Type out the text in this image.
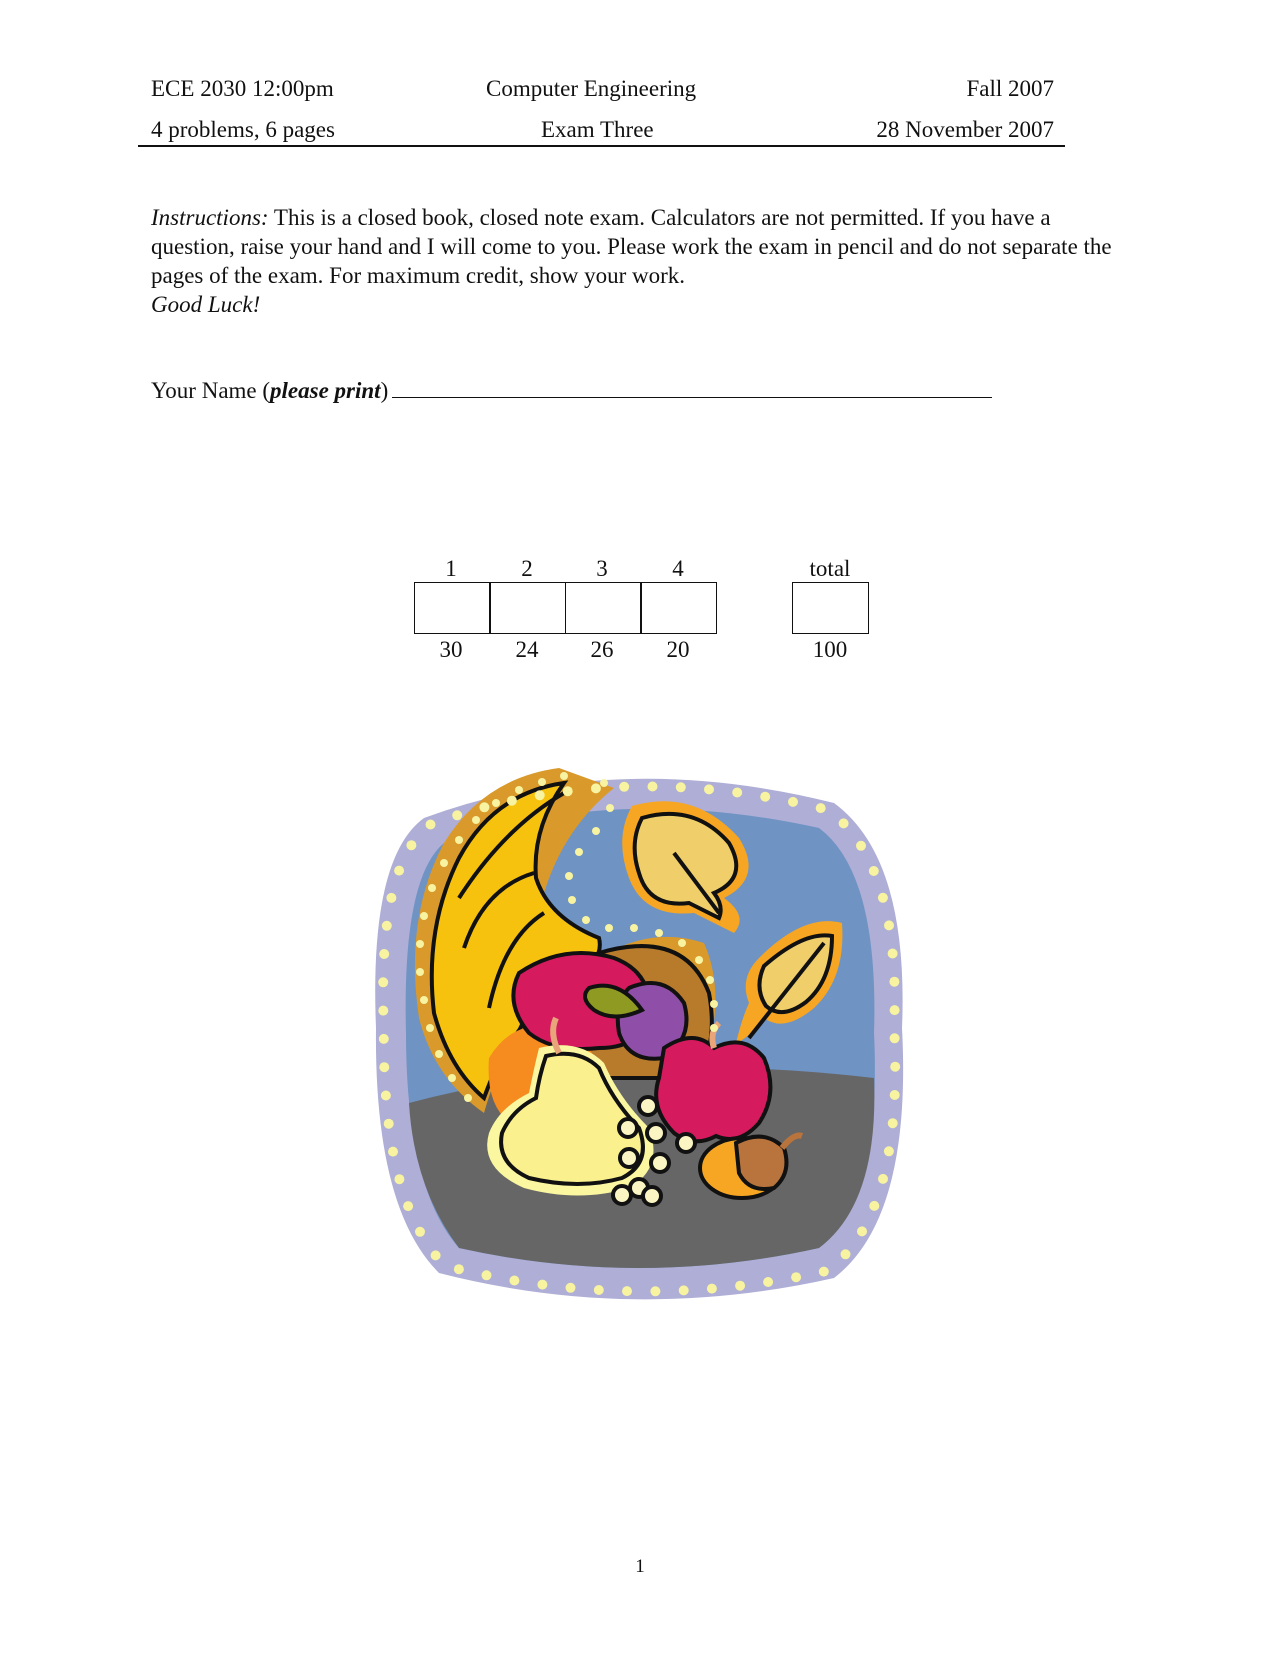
ECE 2030 12:00pm	Computer Engineering	Fall 2007
4 problems, 6 pages	Exam Three	28 November 2007

Instructions: This is a closed book, closed note exam. Calculators are not permitted. If you have a question, raise your hand and I will come to you. Please work the exam in pencil and do not separate the pages of the exam. For maximum credit, show your work.

Good Luck!

Your Name (please print)
1	2	3	4	total
30	24	26	20	100
1
